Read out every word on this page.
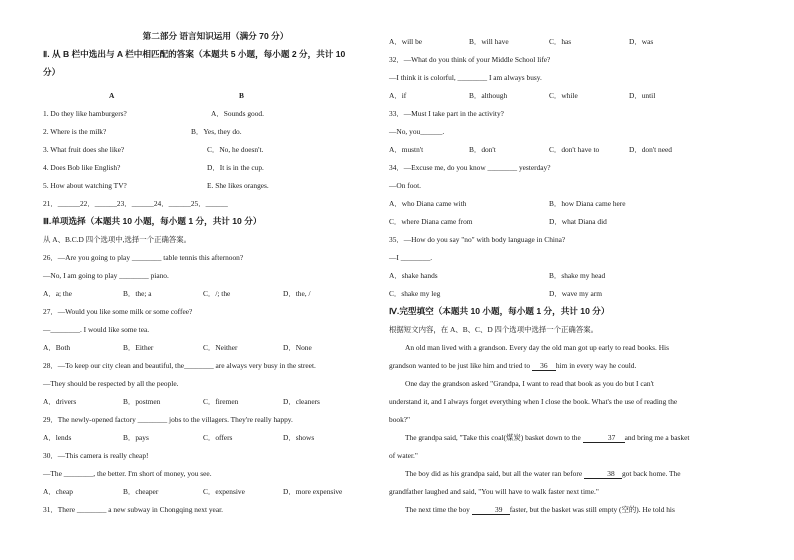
第二部分 语言知识运用（满分 70 分）
Ⅱ. 从 B 栏中选出与 A 栏中相匹配的答案（本题共 5 小题，每小题 2 分，共计 10
分）
A	B
1. Do they like hamburgers?	A．Sounds good.
2. Where is the milk?	B．Yes, they do.
3. What fruit does she like?	C．No, he doesn't.
4. Does Bob like English?	D．It is in the cup.
5. How about watching TV?	E. She likes oranges.
21．______22．______23．______24．______25．______
Ⅲ.单项选择（本题共 10 小题，每小题 1 分，共计 10 分）
从 A、B.C.D 四个选项中,选择一个正确答案。
26．—Are you going to play ________ table tennis this afternoon?
—No, I am going to play ________ piano.
A．a; the	B．the; a	C．/; the	D．the, /
27．—Would you like some milk or some coffee?
—________. I would like some tea.
A．Both	B．Either	C．Neither	D．None
28．—To keep our city clean and beautiful, the________ are always very busy in the street.
—They should be respected by all the people.
A．drivers	B．postmen	C．firemen	D．cleaners
29．The newly-opened factory ________ jobs to the villagers. They're really happy.
A．lends	B．pays	C．offers	D．shows
30．—This camera is really cheap!
—The ________, the better. I'm short of money, you see.
A．cheap	B．cheaper	C．expensive	D．more expensive
31．There ________ a new subway in Chongqing next year.
A．will be	B．will have	C．has	D．was
32．—What do you think of your Middle School life?
—I think it is colorful, ________ I am always busy.
A．if	B．although	C．while	D．until
33．—Must I take part in the activity?
—No, you______.
A．mustn't	B．don't	C．don't have to	D．don't need
34．—Excuse me, do you know ________ yesterday?
—On foot.
A．who Diana came with	B．how Diana came here
C．where Diana came from	D．what Diana did
35．—How do you say "no" with body language in China?
—I ________.
A．shake hands	B．shake my head
C．shake my leg	D．wave my arm
Ⅳ.完型填空（本题共 10 小题，每小题 1 分，共计 10 分）
根据短文内容，在 A、B、C、D 四个选项中选择一个正确答案。
An old man lived with a grandson. Every day the old man got up early to read books. His
grandson wanted to be just like him and tried to 36 him in every way he could.
One day the grandson asked "Grandpa, I want to read that book as you do but I can't
understand it, and I always forget everything when I close the book. What's the use of reading the
book?"
The grandpa said, "Take this coal(煤炭) basket down to the	37 and bring me a basket
of water."
The boy did as his grandpa said, but all the water ran before	38 got back home. The
grandfather laughed and said, "You will have to walk faster next time."
The next time the boy	39 faster, but the basket was still empty (空的). He told his
